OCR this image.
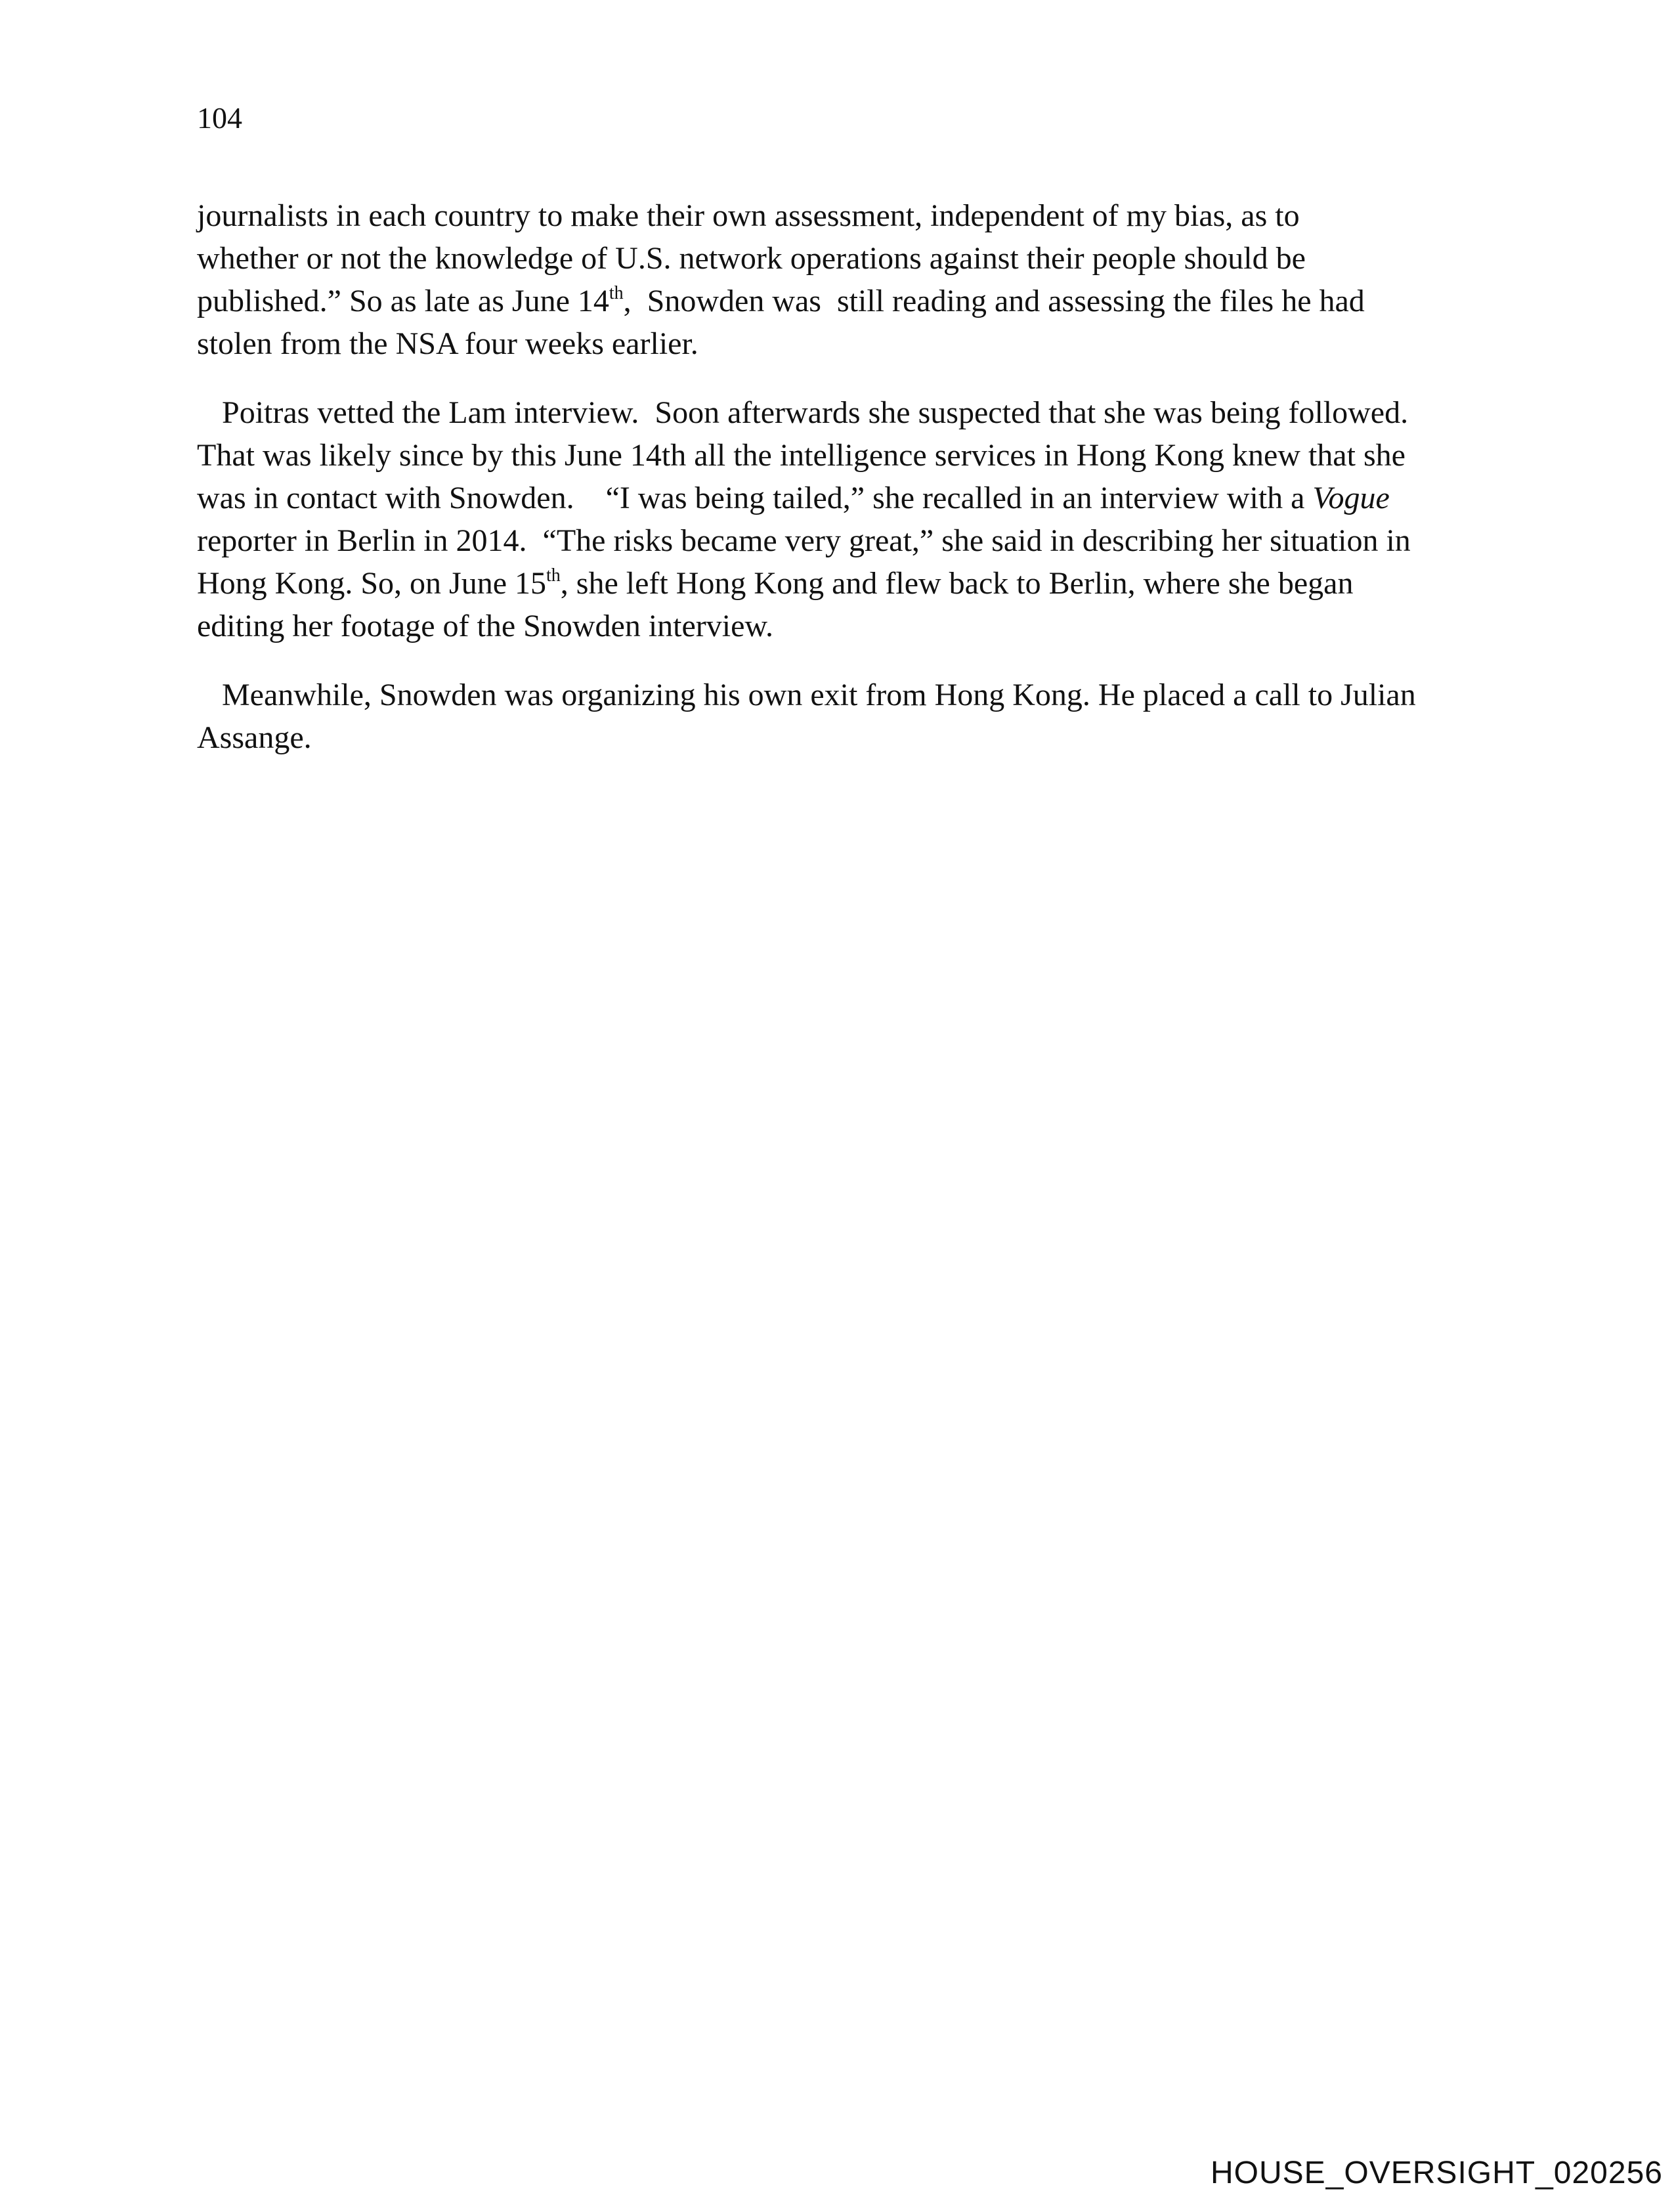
104

journalists in each country to make their own assessment, independent of my bias, as to
whether or not the knowledge of U.S. network operations against their people should be
published.” So as late as June 14th,  Snowden was  still reading and assessing the files he had
stolen from the NSA four weeks earlier.

Poitras vetted the Lam interview.  Soon afterwards she suspected that she was being followed.
That was likely since by this June 14th all the intelligence services in Hong Kong knew that she
was in contact with Snowden.    “I was being tailed,” she recalled in an interview with a Vogue
reporter in Berlin in 2014.  “The risks became very great,” she said in describing her situation in
Hong Kong. So, on June 15th, she left Hong Kong and flew back to Berlin, where she began
editing her footage of the Snowden interview.

Meanwhile, Snowden was organizing his own exit from Hong Kong. He placed a call to Julian
Assange.

HOUSE_OVERSIGHT_020256
